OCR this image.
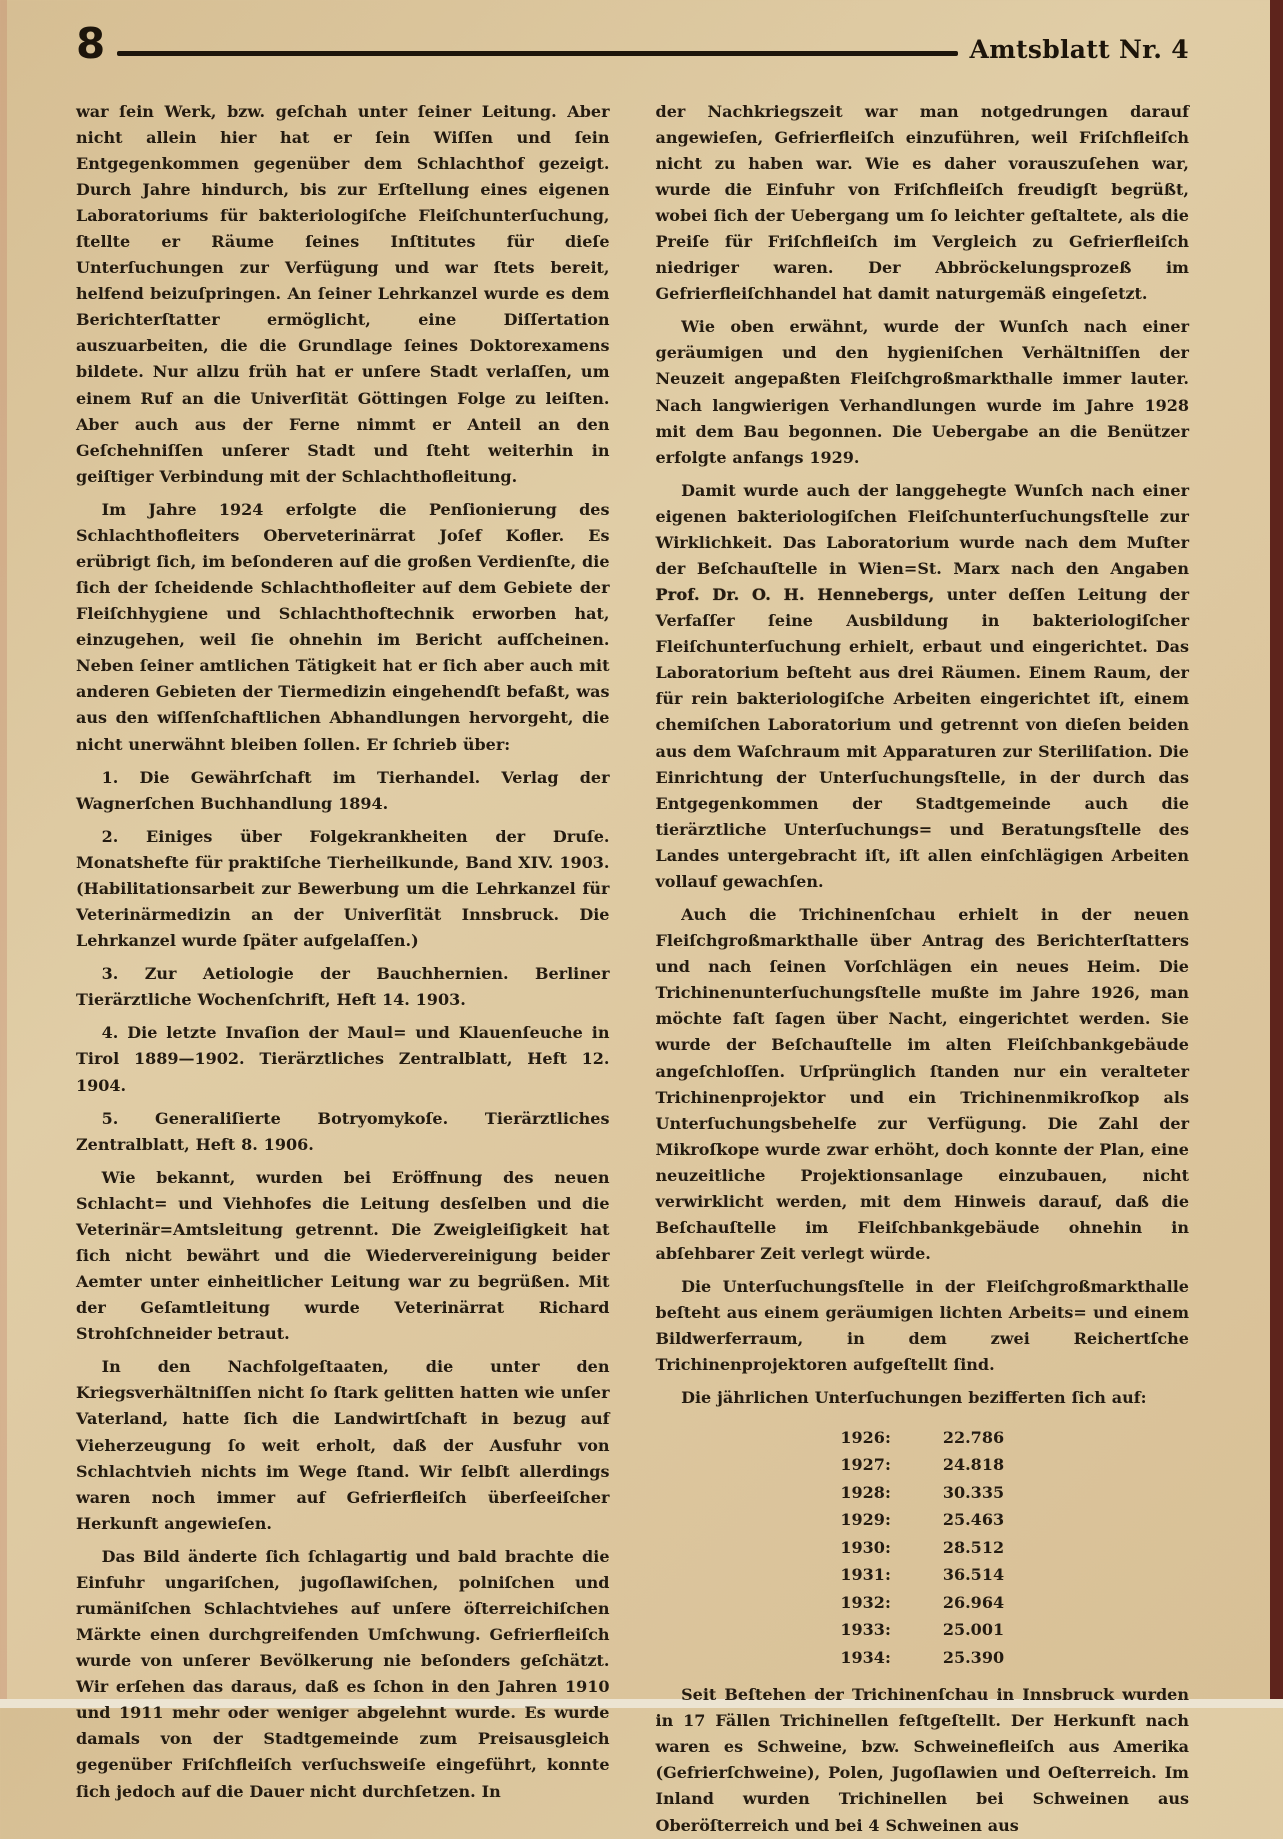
8	Amtsblatt Nr. 4

war ſein Werk, bzw. geſchah unter ſeiner Leitung. Aber nicht allein hier hat er ſein Wiſſen und ſein Entgegenkommen gegenüber dem Schlachthof gezeigt. Durch Jahre hindurch, bis zur Erſtellung eines eigenen Laboratoriums für bakteriologiſche Fleiſchunterſuchung, ſtellte er Räume ſeines Inſtitutes für dieſe Unterſuchungen zur Verfügung und war ſtets bereit, helfend beizuſpringen. An ſeiner Lehrkanzel wurde es dem Berichterſtatter ermöglicht, eine Diſſertation auszuarbeiten, die die Grundlage ſeines Doktorexamens bildete. Nur allzu früh hat er unſere Stadt verlaſſen, um einem Ruf an die Univerſität Göttingen Folge zu leiſten. Aber auch aus der Ferne nimmt er Anteil an den Geſchehniſſen unſerer Stadt und ſteht weiterhin in geiſtiger Verbindung mit der Schlachthofleitung.

Im Jahre 1924 erfolgte die Penſionierung des Schlachthofleiters Oberveterinärrat Joſef Kofler. Es erübrigt ſich, im beſonderen auf die großen Verdienſte, die ſich der ſcheidende Schlachthofleiter auf dem Gebiete der Fleiſchhygiene und Schlachthoftechnik erworben hat, einzugehen, weil ſie ohnehin im Bericht aufſcheinen. Neben ſeiner amtlichen Tätigkeit hat er ſich aber auch mit anderen Gebieten der Tiermedizin eingehendſt befaßt, was aus den wiſſenſchaftlichen Abhandlungen hervorgeht, die nicht unerwähnt bleiben ſollen. Er ſchrieb über:

1. Die Gewährſchaft im Tierhandel. Verlag der Wagnerſchen Buchhandlung 1894.

2. Einiges über Folgekrankheiten der Druſe. Monatshefte für praktiſche Tierheilkunde, Band XIV. 1903. (Habilitationsarbeit zur Bewerbung um die Lehrkanzel für Veterinärmedizin an der Univerſität Innsbruck. Die Lehrkanzel wurde ſpäter aufgelaſſen.)

3. Zur Aetiologie der Bauchhernien. Berliner Tierärztliche Wochenſchrift, Heft 14. 1903.

4. Die letzte Invaſion der Maul= und Klauenſeuche in Tirol 1889—1902. Tierärztliches Zentralblatt, Heft 12. 1904.

5. Generaliſierte Botryomykoſe. Tierärztliches Zentralblatt, Heft 8. 1906.

Wie bekannt, wurden bei Eröffnung des neuen Schlacht= und Viehhofes die Leitung desſelben und die Veterinär=Amtsleitung getrennt. Die Zweigleiſigkeit hat ſich nicht bewährt und die Wiedervereinigung beider Aemter unter einheitlicher Leitung war zu begrüßen. Mit der Geſamtleitung wurde Veterinärrat Richard Strohſchneider betraut.

In den Nachfolgeſtaaten, die unter den Kriegsverhältniſſen nicht ſo ſtark gelitten hatten wie unſer Vaterland, hatte ſich die Landwirtſchaft in bezug auf Vieherzeugung ſo weit erholt, daß der Ausfuhr von Schlachtvieh nichts im Wege ſtand. Wir ſelbſt allerdings waren noch immer auf Gefrierfleiſch überſeeiſcher Herkunft angewieſen.

Das Bild änderte ſich ſchlagartig und bald brachte die Einfuhr ungariſchen, jugoſlawiſchen, polniſchen und rumäniſchen Schlachtviehes auf unſere öſterreichiſchen Märkte einen durchgreifenden Umſchwung. Gefrierfleiſch wurde von unſerer Bevölkerung nie beſonders geſchätzt. Wir erſehen das daraus, daß es ſchon in den Jahren 1910 und 1911 mehr oder weniger abgelehnt wurde. Es wurde damals von der Stadtgemeinde zum Preisausgleich gegenüber Friſchfleiſch verſuchsweiſe eingeführt, konnte ſich jedoch auf die Dauer nicht durchſetzen. In

der Nachkriegszeit war man notgedrungen darauf angewieſen, Gefrierfleiſch einzuführen, weil Friſchfleiſch nicht zu haben war. Wie es daher vorauszuſehen war, wurde die Einfuhr von Friſchfleiſch freudigſt begrüßt, wobei ſich der Uebergang um ſo leichter geſtaltete, als die Preiſe für Friſchfleiſch im Vergleich zu Gefrierfleiſch niedriger waren. Der Abbröckelungsprozeß im Gefrierfleiſchhandel hat damit naturgemäß eingeſetzt.

Wie oben erwähnt, wurde der Wunſch nach einer geräumigen und den hygieniſchen Verhältniſſen der Neuzeit angepaßten Fleiſchgroßmarkthalle immer lauter. Nach langwierigen Verhandlungen wurde im Jahre 1928 mit dem Bau begonnen. Die Uebergabe an die Benützer erfolgte anfangs 1929.

Damit wurde auch der langgehegte Wunſch nach einer eigenen bakteriologiſchen Fleiſchunterſuchungsſtelle zur Wirklichkeit. Das Laboratorium wurde nach dem Muſter der Beſchauſtelle in Wien=St. Marx nach den Angaben Prof. Dr. O. H. Hennebergs, unter deſſen Leitung der Verfaſſer ſeine Ausbildung in bakteriologiſcher Fleiſchunterſuchung erhielt, erbaut und eingerichtet. Das Laboratorium beſteht aus drei Räumen. Einem Raum, der für rein bakteriologiſche Arbeiten eingerichtet iſt, einem chemiſchen Laboratorium und getrennt von dieſen beiden aus dem Waſchraum mit Apparaturen zur Steriliſation. Die Einrichtung der Unterſuchungsſtelle, in der durch das Entgegenkommen der Stadtgemeinde auch die tierärztliche Unterſuchungs= und Beratungsſtelle des Landes untergebracht iſt, iſt allen einſchlägigen Arbeiten vollauf gewachſen.

Auch die Trichinenſchau erhielt in der neuen Fleiſchgroßmarkthalle über Antrag des Berichterſtatters und nach ſeinen Vorſchlägen ein neues Heim. Die Trichinenunterſuchungsſtelle mußte im Jahre 1926, man möchte faſt ſagen über Nacht, eingerichtet werden. Sie wurde der Beſchauſtelle im alten Fleiſchbankgebäude angeſchloſſen. Urſprünglich ſtanden nur ein veralteter Trichinenprojektor und ein Trichinenmikroſkop als Unterſuchungsbehelfe zur Verfügung. Die Zahl der Mikroſkope wurde zwar erhöht, doch konnte der Plan, eine neuzeitliche Projektionsanlage einzubauen, nicht verwirklicht werden, mit dem Hinweis darauf, daß die Beſchauſtelle im Fleiſchbankgebäude ohnehin in abſehbarer Zeit verlegt würde.

Die Unterſuchungsſtelle in der Fleiſchgroßmarkthalle beſteht aus einem geräumigen lichten Arbeits= und einem Bildwerferraum, in dem zwei Reichertſche Trichinenprojektoren aufgeſtellt ſind.

Die jährlichen Unterſuchungen bezifferten ſich auf:

1926:	22.786
1927:	24.818
1928:	30.335
1929:	25.463
1930:	28.512
1931:	36.514
1932:	26.964
1933:	25.001
1934:	25.390

Seit Beſtehen der Trichinenſchau in Innsbruck wurden in 17 Fällen Trichinellen feſtgeſtellt. Der Herkunft nach waren es Schweine, bzw. Schweinefleiſch aus Amerika (Gefrierſchweine), Polen, Jugoſlawien und Oeſterreich. Im Inland wurden Trichinellen bei Schweinen aus Oberöſterreich und bei 4 Schweinen aus
